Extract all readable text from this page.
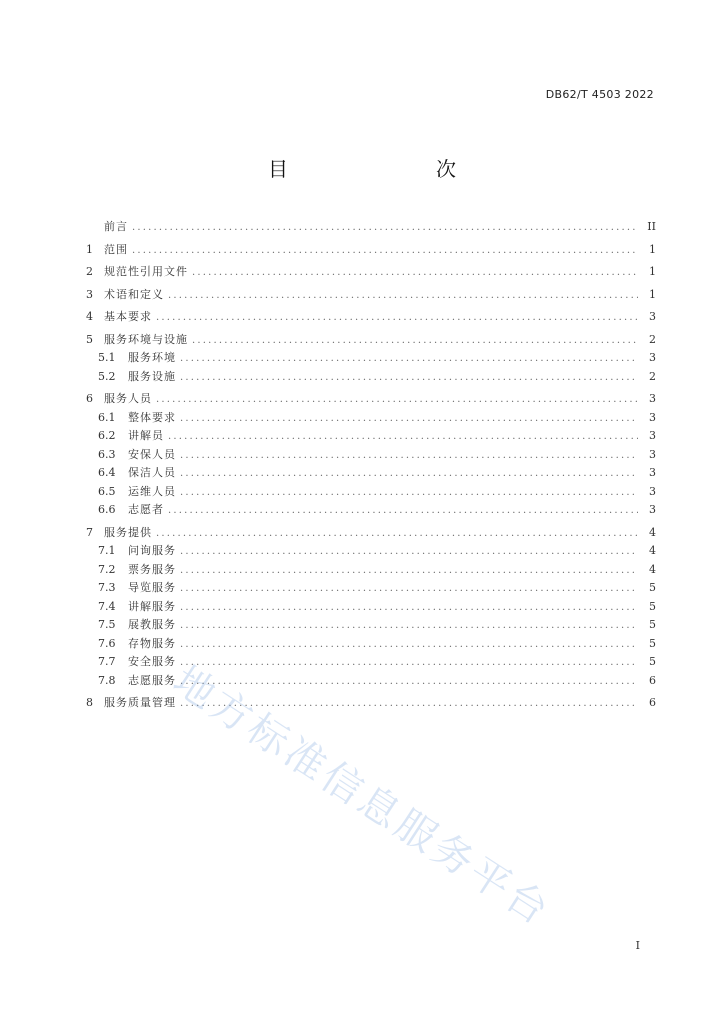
DB62/T 4503 2022
目　　次
前言 .....	II
1	范围 .....	1
2	规范性引用文件 .....	1
3	术语和定义 .....	1
4	基本要求 .....	3
5	服务环境与设施 .....	2
5.1	服务环境 .....	3
5.2	服务设施 .....	2
6	服务人员 .....	3
6.1	整体要求 .....	3
6.2	讲解员 .....	3
6.3	安保人员 .....	3
6.4	保洁人员 .....	3
6.5	运维人员 .....	3
6.6	志愿者 .....	3
7	服务提供 .....	4
7.1	问询服务 .....	4
7.2	票务服务 .....	4
7.3	导览服务 .....	5
7.4	讲解服务 .....	5
7.5	展教服务 .....	5
7.6	存物服务 .....	5
7.7	安全服务 .....	5
7.8	志愿服务 .....	6
8	服务质量管理 .....	6
I
地方标准信息服务平台
